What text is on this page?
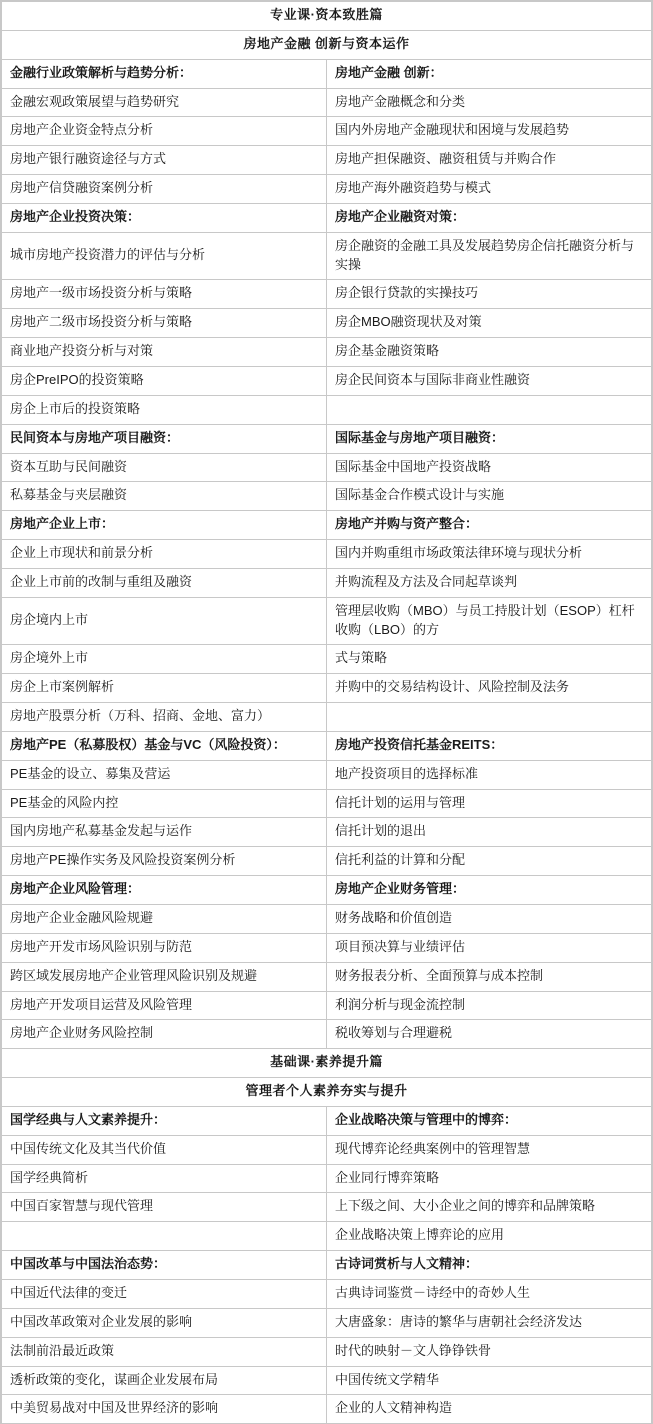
专业课·资本致胜篇	
房地产金融 创新与资本运作	
金融行业政策解析与趋势分析：	房地产金融 创新：
金融宏观政策展望与趋势研究	房地产金融概念和分类
房地产企业资金特点分析	国内外房地产金融现状和困境与发展趋势
房地产银行融资途径与方式	房地产担保融资、融资租赁与并购合作
房地产信贷融资案例分析	房地产海外融资趋势与模式
房地产企业投资决策：	房地产企业融资对策：
城市房地产投资潜力的评估与分析	房企融资的金融工具及发展趋势房企信托融资分析与实操
房地产一级市场投资分析与策略	房企银行贷款的实操技巧
房地产二级市场投资分析与策略	房企MBO融资现状及对策
商业地产投资分析与对策	房企基金融资策略
房企PreIPO的投资策略	房企民间资本与国际非商业性融资
房企上市后的投资策略	
民间资本与房地产项目融资：	国际基金与房地产项目融资：
资本互助与民间融资	国际基金中国地产投资战略
私募基金与夹层融资	国际基金合作模式设计与实施
房地产企业上市：	房地产并购与资产整合：
企业上市现状和前景分析	国内并购重组市场政策法律环境与现状分析
企业上市前的改制与重组及融资	并购流程及方法及合同起草谈判
房企境内上市	管理层收购（MBO）与员工持股计划（ESOP）杠杆收购（LBO）的方
房企境外上市	式与策略
房企上市案例解析	并购中的交易结构设计、风险控制及法务
房地产股票分析（万科、招商、金地、富力）	
房地产PE（私募股权）基金与VC（风险投资）：	房地产投资信托基金REITS：
PE基金的设立、募集及营运	地产投资项目的选择标准
PE基金的风险内控	信托计划的运用与管理
国内房地产私募基金发起与运作	信托计划的退出
房地产PE操作实务及风险投资案例分析	信托利益的计算和分配
房地产企业风险管理：	房地产企业财务管理：
房地产企业金融风险规避	财务战略和价值创造
房地产开发市场风险识别与防范	项目预决算与业绩评估
跨区域发展房地产企业管理风险识别及规避	财务报表分析、全面预算与成本控制
房地产开发项目运营及风险管理	利润分析与现金流控制
房地产企业财务风险控制	税收筹划与合理避税
基础课·素养提升篇	
管理者个人素养夯实与提升	
国学经典与人文素养提升：	企业战略决策与管理中的博弈：
中国传统文化及其当代价值	现代博弈论经典案例中的管理智慧
国学经典简析	企业同行博弈策略
中国百家智慧与现代管理	上下级之间、大小企业之间的博弈和品牌策略
	企业战略决策上博弈论的应用
中国改革与中国法治态势：	古诗词赏析与人文精神：
中国近代法律的变迁	古典诗词鉴赏－诗经中的奇妙人生
中国改革政策对企业发展的影响	大唐盛象：唐诗的繁华与唐朝社会经济发达
法制前沿最近政策	时代的映射－文人铮铮铁骨
透析政策的变化，谋画企业发展布局	中国传统文学精华
中美贸易战对中国及世界经济的影响	企业的人文精神构造
